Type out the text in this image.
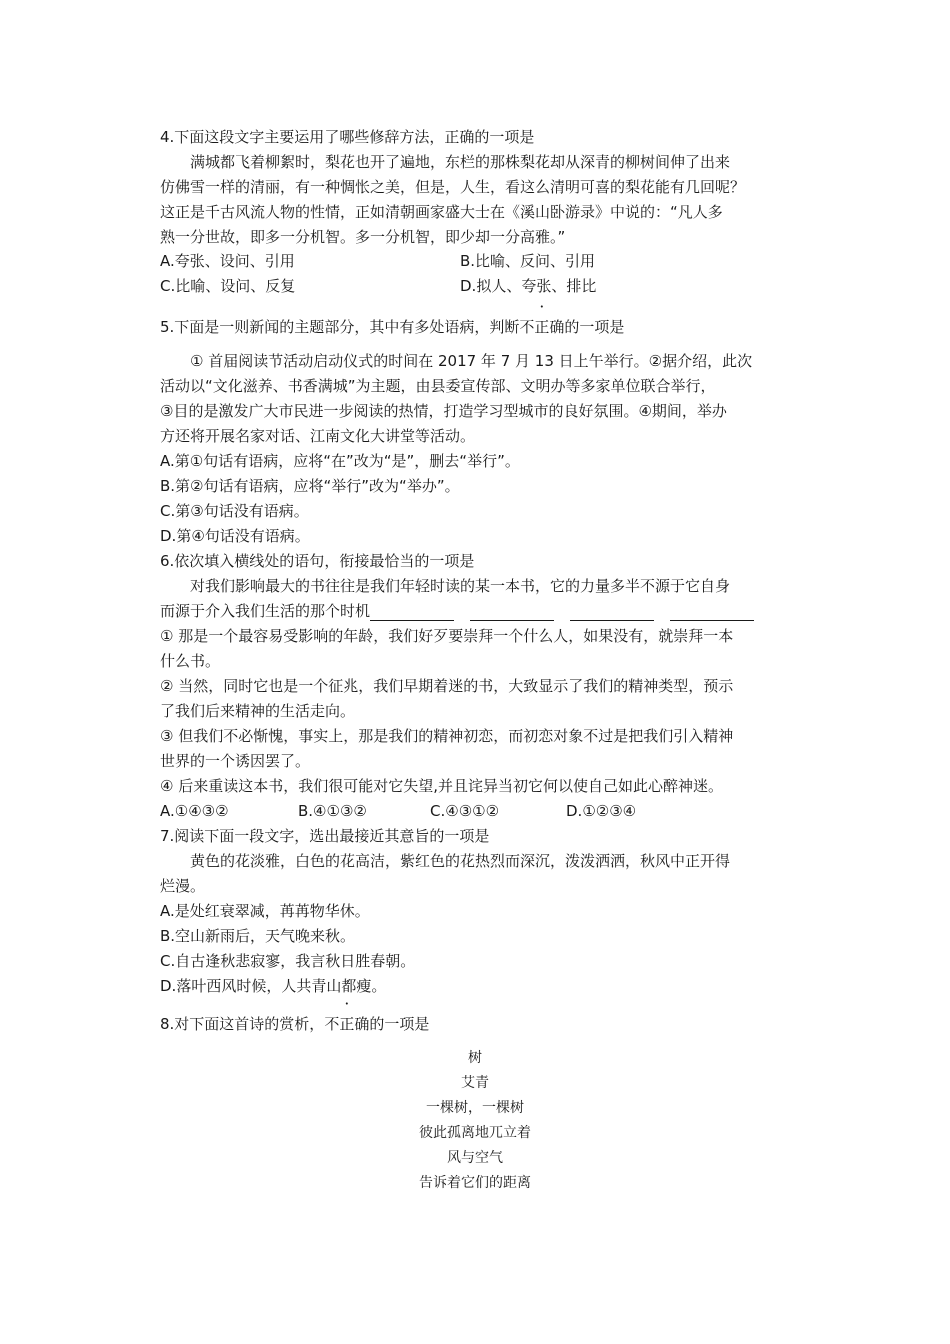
4.下面这段文字主要运用了哪些修辞方法，正确的一项是
满城都飞着柳絮时，梨花也开了遍地，东栏的那株梨花却从深青的柳树间伸了出来
仿佛雪一样的清丽，有一种惆怅之美，但是，人生，看这么清明可喜的梨花能有几回呢？
这正是千古风流人物的性情，正如清朝画家盛大士在《溪山卧游录》中说的：“凡人多
熟一分世故，即多一分机智。多一分机智，即少却一分高雅。”
A.夸张、设问、引用	B.比喻、反问、引用
C.比喻、设问、反复	D.拟人、夸张、排比
5.下面是一则新闻的主题部分，其中有多处语病，判断不正确的一项是
① 首届阅读节活动启动仪式的时间在 2017 年 7 月 13 日上午举行。②据介绍，此次
活动以“文化滋养、书香满城”为主题，由县委宣传部、文明办等多家单位联合举行，
③目的是激发广大市民进一步阅读的热情，打造学习型城市的良好氛围。④期间，举办
方还将开展名家对话、江南文化大讲堂等活动。
A.第①句话有语病，应将“在”改为“是”，删去“举行”。
B.第②句话有语病，应将“举行”改为“举办”。
C.第③句话没有语病。
D.第④句话没有语病。
6.依次填入横线处的语句，衔接最恰当的一项是
对我们影响最大的书往往是我们年轻时读的某一本书，它的力量多半不源于它自身
而源于介入我们生活的那个时机
① 那是一个最容易受影响的年龄，我们好歹要崇拜一个什么人，如果没有，就崇拜一本
什么书。
② 当然，同时它也是一个征兆，我们早期着迷的书，大致显示了我们的精神类型，预示
了我们后来精神的生活走向。
③ 但我们不必惭愧，事实上，那是我们的精神初恋，而初恋对象不过是把我们引入精神
世界的一个诱因罢了。
④ 后来重读这本书，我们很可能对它失望,并且诧异当初它何以使自己如此心醉神迷。
A.①④③②	B.④①③②	C.④③①②	D.①②③④
7.阅读下面一段文字，选出最接近其意旨的一项是
黄色的花淡雅，白色的花高洁，紫红色的花热烈而深沉，泼泼洒洒，秋风中正开得
烂漫。
A.是处红衰翠减，苒苒物华休。
B.空山新雨后，天气晚来秋。
C.自古逢秋悲寂寥，我言秋日胜春朝。
D.落叶西风时候，人共青山都瘦。
8.对下面这首诗的赏析，不正确的一项是
树
艾青
一棵树，一棵树
彼此孤离地兀立着
风与空气
告诉着它们的距离
